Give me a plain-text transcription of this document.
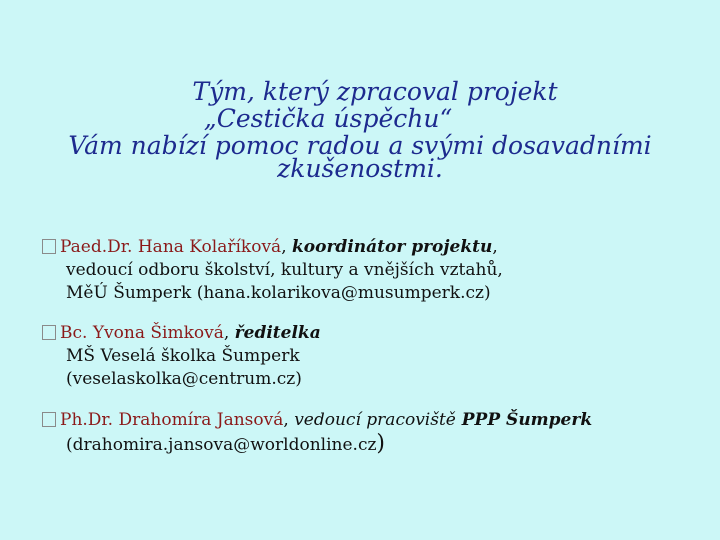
Tým, který zpracoval projekt
„Cestička úspěchu“
Vám nabízí pomoc radou a svými dosavadními
zkušenostmi.
Paed.Dr. Hana Kolaříková, koordinátor projektu,
vedoucí odboru školství, kultury a vnějších vztahů,
MěÚ Šumperk (hana.kolarikova@musumperk.cz)
Bc. Yvona Šimková, ředitelka
MŠ Veselá školka Šumperk
(veselaskolka@centrum.cz)
Ph.Dr. Drahomíra Jansová, vedoucí pracoviště PPP Šumperk
(drahomira.jansova@worldonline.cz)
